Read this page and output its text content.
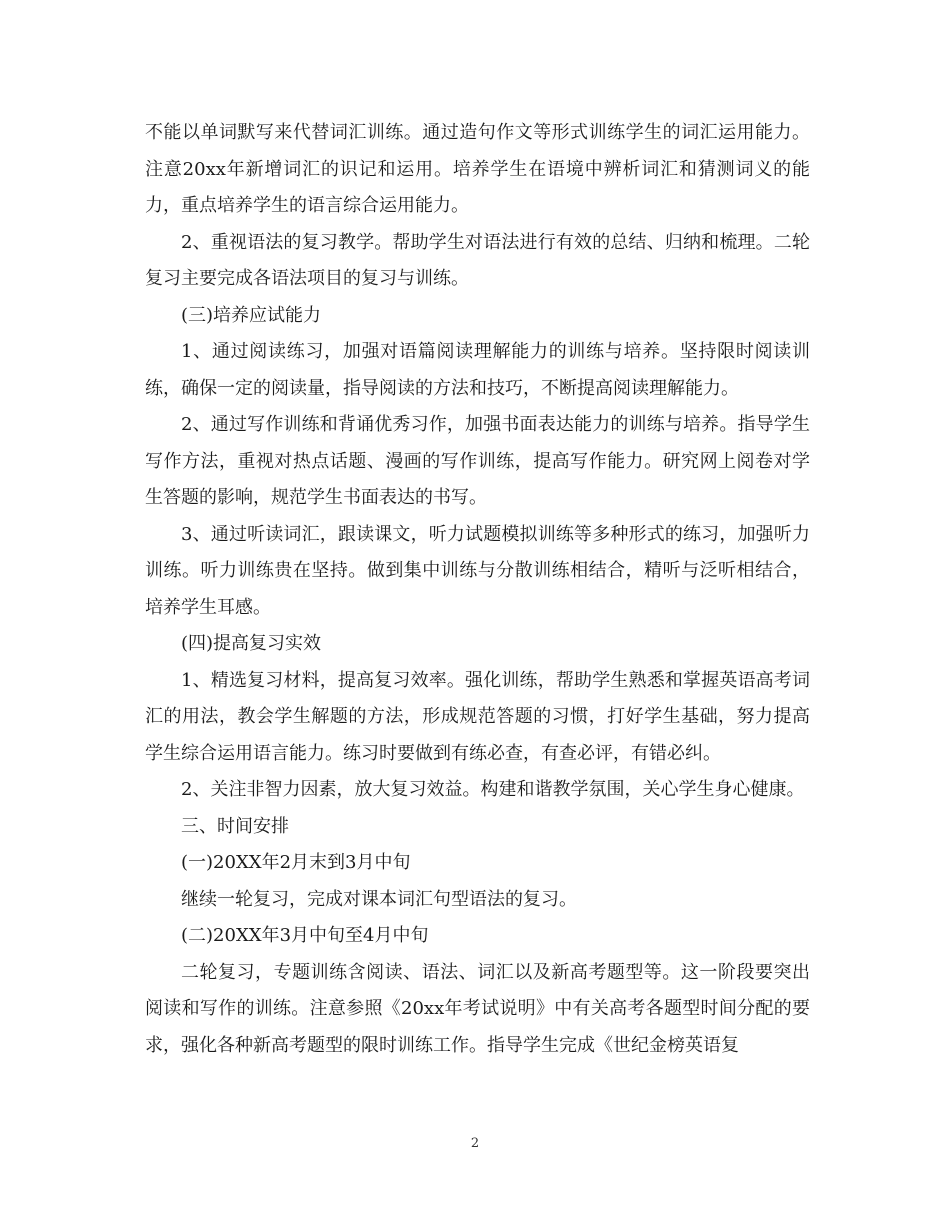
不能以单词默写来代替词汇训练。通过造句作文等形式训练学生的词汇运用能力。注意20xx年新增词汇的识记和运用。培养学生在语境中辨析词汇和猜测词义的能力，重点培养学生的语言综合运用能力。

2、重视语法的复习教学。帮助学生对语法进行有效的总结、归纳和梳理。二轮复习主要完成各语法项目的复习与训练。

(三)培养应试能力

1、通过阅读练习，加强对语篇阅读理解能力的训练与培养。坚持限时阅读训练，确保一定的阅读量，指导阅读的方法和技巧，不断提高阅读理解能力。

2、通过写作训练和背诵优秀习作，加强书面表达能力的训练与培养。指导学生写作方法，重视对热点话题、漫画的写作训练，提高写作能力。研究网上阅卷对学生答题的影响，规范学生书面表达的书写。

3、通过听读词汇，跟读课文，听力试题模拟训练等多种形式的练习，加强听力训练。听力训练贵在坚持。做到集中训练与分散训练相结合，精听与泛听相结合，培养学生耳感。

(四)提高复习实效

1、精选复习材料，提高复习效率。强化训练，帮助学生熟悉和掌握英语高考词汇的用法，教会学生解题的方法，形成规范答题的习惯，打好学生基础，努力提高学生综合运用语言能力。练习时要做到有练必查，有查必评，有错必纠。

2、关注非智力因素，放大复习效益。构建和谐教学氛围，关心学生身心健康。

三、时间安排

(一)20XX年2月末到3月中旬

继续一轮复习，完成对课本词汇句型语法的复习。

(二)20XX年3月中旬至4月中旬

二轮复习，专题训练含阅读、语法、词汇以及新高考题型等。这一阶段要突出阅读和写作的训练。注意参照《20xx年考试说明》中有关高考各题型时间分配的要求，强化各种新高考题型的限时训练工作。指导学生完成《世纪金榜英语复

2
